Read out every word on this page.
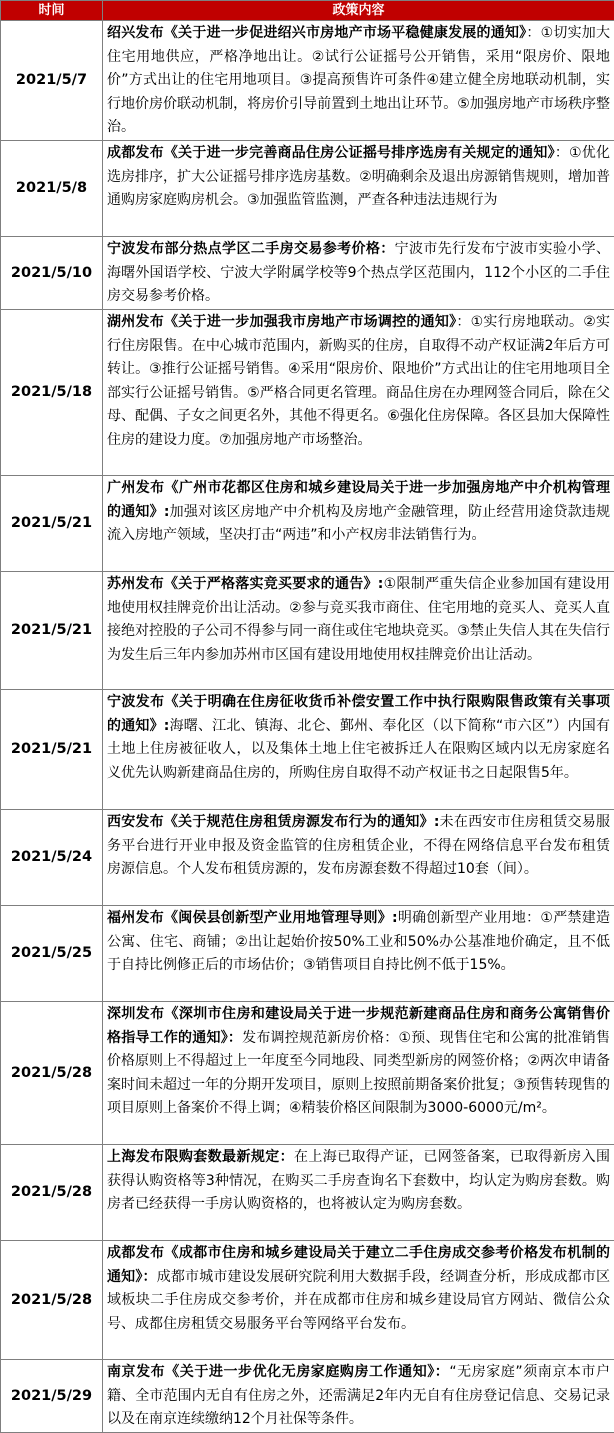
时间	政策内容
2021/5/7	绍兴发布《关于进一步促进绍兴市房地产市场平稳健康发展的通知》：①切实加大住宅用地供应，严格净地出让。②试行公证摇号公开销售，采用“限房价、限地价”方式出让的住宅用地项目。③提高预售许可条件④建立健全房地联动机制，实行地价房价联动机制，将房价引导前置到土地出让环节。⑤加强房地产市场秩序整治。
2021/5/8	成都发布《关于进一步完善商品住房公证摇号排序选房有关规定的通知》：①优化选房排序，扩大公证摇号排序选房基数。②明确剩余及退出房源销售规则，增加普通购房家庭购房机会。③加强监管监测，严查各种违法违规行为
2021/5/10	宁波发布部分热点学区二手房交易参考价格：宁波市先行发布宁波市实验小学、海曙外国语学校、宁波大学附属学校等9个热点学区范围内，112个小区的二手住房交易参考价格。
2021/5/18	湖州发布《关于进一步加强我市房地产市场调控的通知》：①实行房地联动。②实行住房限售。在中心城市范围内，新购买的住房，自取得不动产权证满2年后方可转让。③推行公证摇号销售。④采用“限房价、限地价”方式出让的住宅用地项目全部实行公证摇号销售。⑤严格合同更名管理。商品住房在办理网签合同后，除在父母、配偶、子女之间更名外，其他不得更名。⑥强化住房保障。各区县加大保障性住房的建设力度。⑦加强房地产市场整治。
2021/5/21	广州发布《广州市花都区住房和城乡建设局关于进一步加强房地产中介机构管理的通知》:加强对该区房地产中介机构及房地产金融管理，防止经营用途贷款违规流入房地产领域，坚决打击“两违”和小产权房非法销售行为。
2021/5/21	苏州发布《关于严格落实竞买要求的通告》:①限制严重失信企业参加国有建设用地使用权挂牌竞价出让活动。②参与竞买我市商住、住宅用地的竞买人、竞买人直接绝对控股的子公司不得参与同一商住或住宅地块竞买。③禁止失信人其在失信行为发生后三年内参加苏州市区国有建设用地使用权挂牌竞价出让活动。
2021/5/21	宁波发布《关于明确在住房征收货币补偿安置工作中执行限购限售政策有关事项的通知》:海曙、江北、镇海、北仑、鄞州、奉化区（以下简称“市六区”）内国有土地上住房被征收人，以及集体土地上住宅被拆迁人在限购区域内以无房家庭名义优先认购新建商品住房的，所购住房自取得不动产权证书之日起限售5年。
2021/5/24	西安发布《关于规范住房租赁房源发布行为的通知》:未在西安市住房租赁交易服务平台进行开业申报及资金监管的住房租赁企业，不得在网络信息平台发布租赁房源信息。个人发布租赁房源的，发布房源套数不得超过10套（间）。
2021/5/25	福州发布《闽侯县创新型产业用地管理导则》:明确创新型产业用地：①严禁建造公寓、住宅、商铺；②出让起始价按50%工业和50%办公基准地价确定，且不低于自持比例修正后的市场估价；③销售项目自持比例不低于15%。
2021/5/28	深圳发布《深圳市住房和建设局关于进一步规范新建商品住房和商务公寓销售价格指导工作的通知》：发布调控规范新房价格：①预、现售住宅和公寓的批准销售价格原则上不得超过上一年度至今同地段、同类型新房的网签价格；②两次申请备案时间未超过一年的分期开发项目，原则上按照前期备案价批复；③预售转现售的项目原则上备案价不得上调；④精装价格区间限制为3000-6000元/m²。
2021/5/28	上海发布限购套数最新规定：在上海已取得产证，已网签备案，已取得新房入围获得认购资格等3种情况，在购买二手房查询名下套数中，均认定为购房套数。购房者已经获得一手房认购资格的，也将被认定为购房套数。
2021/5/28	成都发布《成都市住房和城乡建设局关于建立二手住房成交参考价格发布机制的通知》：成都市城市建设发展研究院利用大数据手段，经调查分析，形成成都市区域板块二手住房成交参考价，并在成都市住房和城乡建设局官方网站、微信公众号、成都住房租赁交易服务平台等网络平台发布。
2021/5/29	南京发布《关于进一步优化无房家庭购房工作通知》：“无房家庭”须南京本市户籍、全市范围内无自有住房之外，还需满足2年内无自有住房登记信息、交易记录以及在南京连续缴纳12个月社保等条件。
